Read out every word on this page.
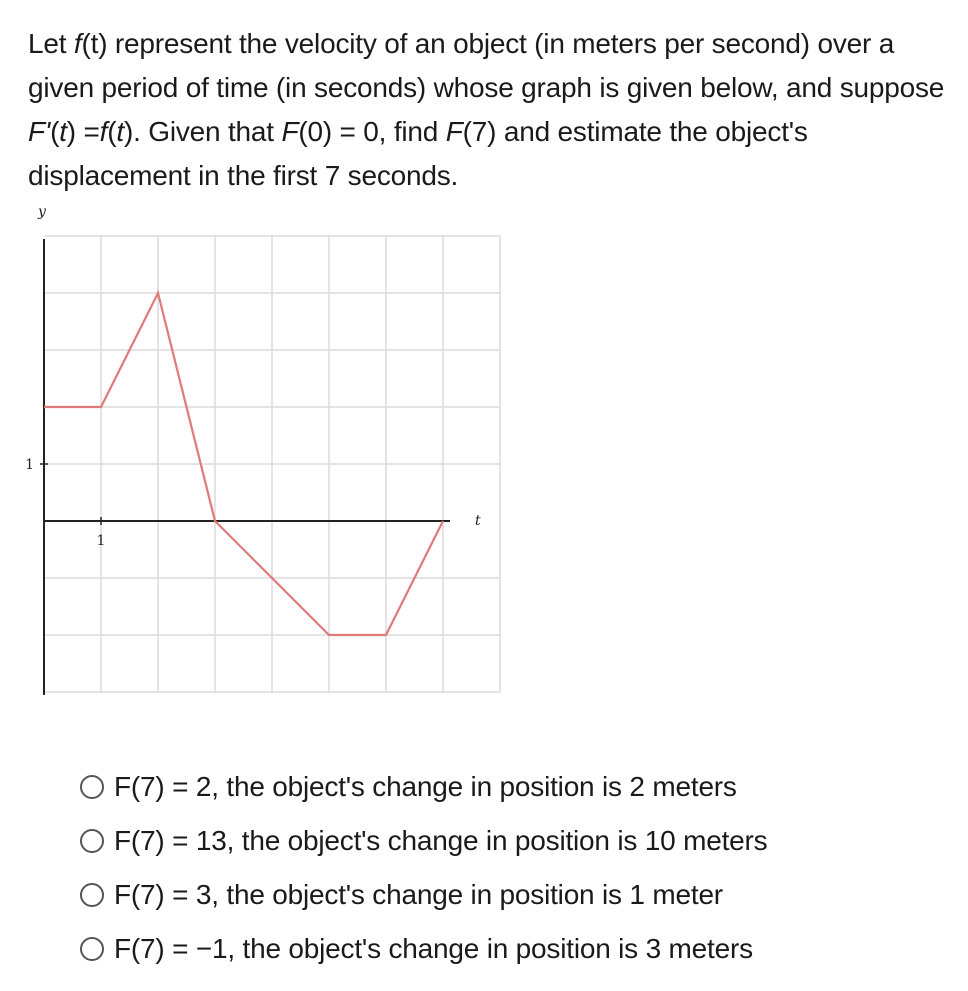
Let f(t) represent the velocity of an object (in meters per second) over a given period of time (in seconds) whose graph is given below, and suppose F'(t) =f(t). Given that F(0) = 0, find F(7) and estimate the object's displacement in the first 7 seconds.
1
1
t
y
F(7) = 2, the object's change in position is 2 meters
F(7) = 13, the object's change in position is 10 meters
F(7) = 3, the object's change in position is 1 meter
F(7) = −1, the object's change in position is 3 meters
